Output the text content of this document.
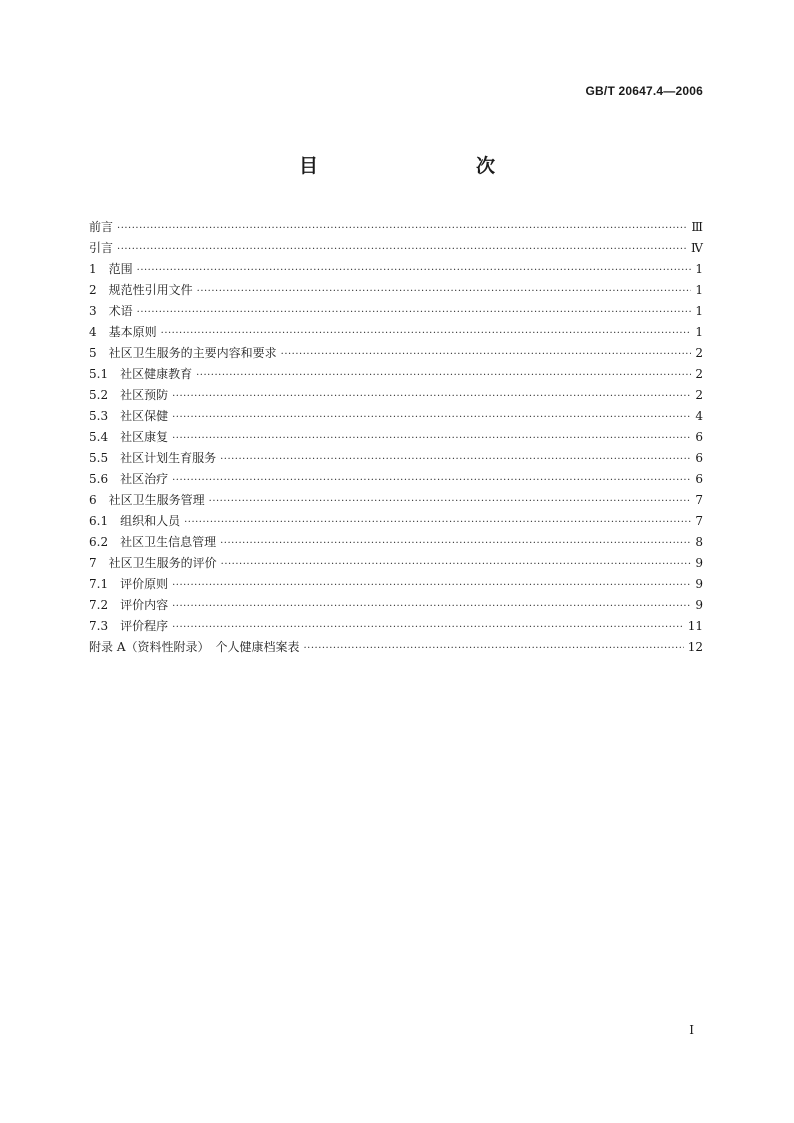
GB/T 20647.4—2006
目　　次
前言 ·····	Ⅲ
引言 ·····	Ⅳ
1　范围 ·····	1
2　规范性引用文件 ·····	1
3　术语 ·····	1
4　基本原则 ·····	1
5　社区卫生服务的主要内容和要求 ·····	2
5.1　社区健康教育 ·····	2
5.2　社区预防 ·····	2
5.3　社区保健 ·····	4
5.4　社区康复 ·····	6
5.5　社区计划生育服务 ·····	6
5.6　社区治疗 ·····	6
6　社区卫生服务管理 ·····	7
6.1　组织和人员 ·····	7
6.2　社区卫生信息管理 ·····	8
7　社区卫生服务的评价 ·····	9
7.1　评价原则 ·····	9
7.2　评价内容 ·····	9
7.3　评价程序 ·····	11
附录 A（资料性附录）　个人健康档案表 ·····	12
I
